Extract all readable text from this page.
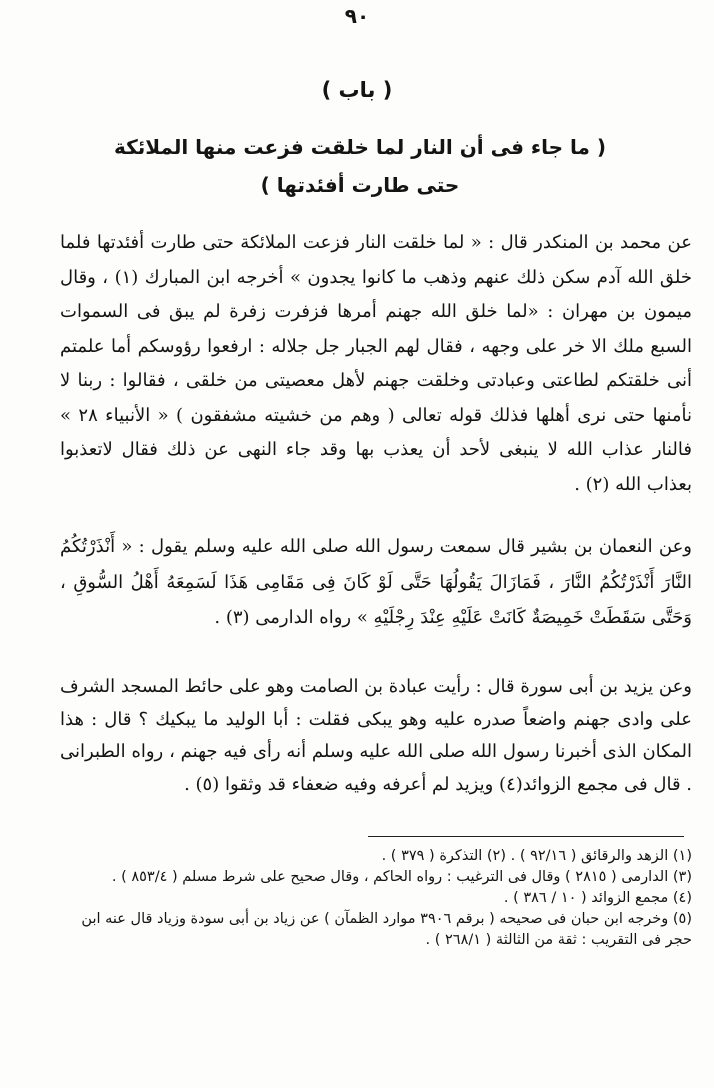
٩٠
( باب )
( ما جاء فى أن النار لما خلقت فزعت منها الملائكة
حتى طارت أفئدتها )

عن محمد بن المنكدر قال : « لما خلقت النار فزعت الملائكة حتى طارت أفئدتها فلما خلق الله آدم سكن ذلك عنهم وذهب ما كانوا يجدون » أخرجه ابن المبارك (١) ، وقال ميمون بن مهران : «لما خلق الله جهنم أمرها فزفرت زفرة لم يبق فى السموات السبع ملك الا خر على وجهه ، فقال لهم الجبار جل جلاله : ارفعوا رؤوسكم أما علمتم أنى خلقتكم لطاعتى وعبادتى وخلقت جهنم لأهل معصيتى من خلقى ، فقالوا : ربنا لا نأمنها حتى نرى أهلها فذلك قوله تعالى ( وهم من خشيته مشفقون ) « الأنبياء ٢٨ » فالنار عذاب الله لا ينبغى لأحد أن يعذب بها وقد جاء النهى عن ذلك فقال لاتعذبوا بعذاب الله (٢) .

وعن النعمان بن بشير قال سمعت رسول الله صلى الله عليه وسلم يقول : « أَنْذَرْتُكُمُ النَّارَ أَنْذَرْتُكُمُ النَّارَ ، فَمَازَالَ يَقُولُهَا حَتَّى لَوْ كَانَ فِى مَقَامِى هَذَا لَسَمِعَهُ أَهْلُ السُّوقِ ، وَحَتَّى سَقَطَتْ خَمِيصَةٌ كَانَتْ عَلَيْهِ عِنْدَ رِجْلَيْهِ » رواه الدارمى (٣) .

وعن يزيد بن أبى سورة قال : رأيت عبادة بن الصامت وهو على حائط المسجد الشرف على وادى جهنم واضعاً صدره عليه وهو يبكى فقلت : أبا الوليد ما يبكيك ؟ قال : هذا المكان الذى أخبرنا رسول الله صلى الله عليه وسلم أنه رأى فيه جهنم ، رواه الطبرانى . قال فى مجمع الزوائد(٤) ويزيد لم أعرفه وفيه ضعفاء قد وثقوا (٥) .

(١) الزهد والرقائق ( ٩٢/١٦ ) . (٢) التذكرة ( ٣٧٩ ) .

(٣) الدارمى ( ٢٨١٥ ) وقال فى الترغيب : رواه الحاكم ، وقال صحيح على شرط مسلم ( ٨٥٣/٤ ) .

(٤) مجمع الزوائد ( ١٠ / ٣٨٦ ) .

(٥) وخرجه ابن حبان فى صحيحه ( برقم ٣٩٠٦ موارد الظمآن ) عن زياد بن أبى سودة وزياد قال عنه ابن حجر فى التقريب : ثقة من الثالثة ( ٢٦٨/١ ) .
